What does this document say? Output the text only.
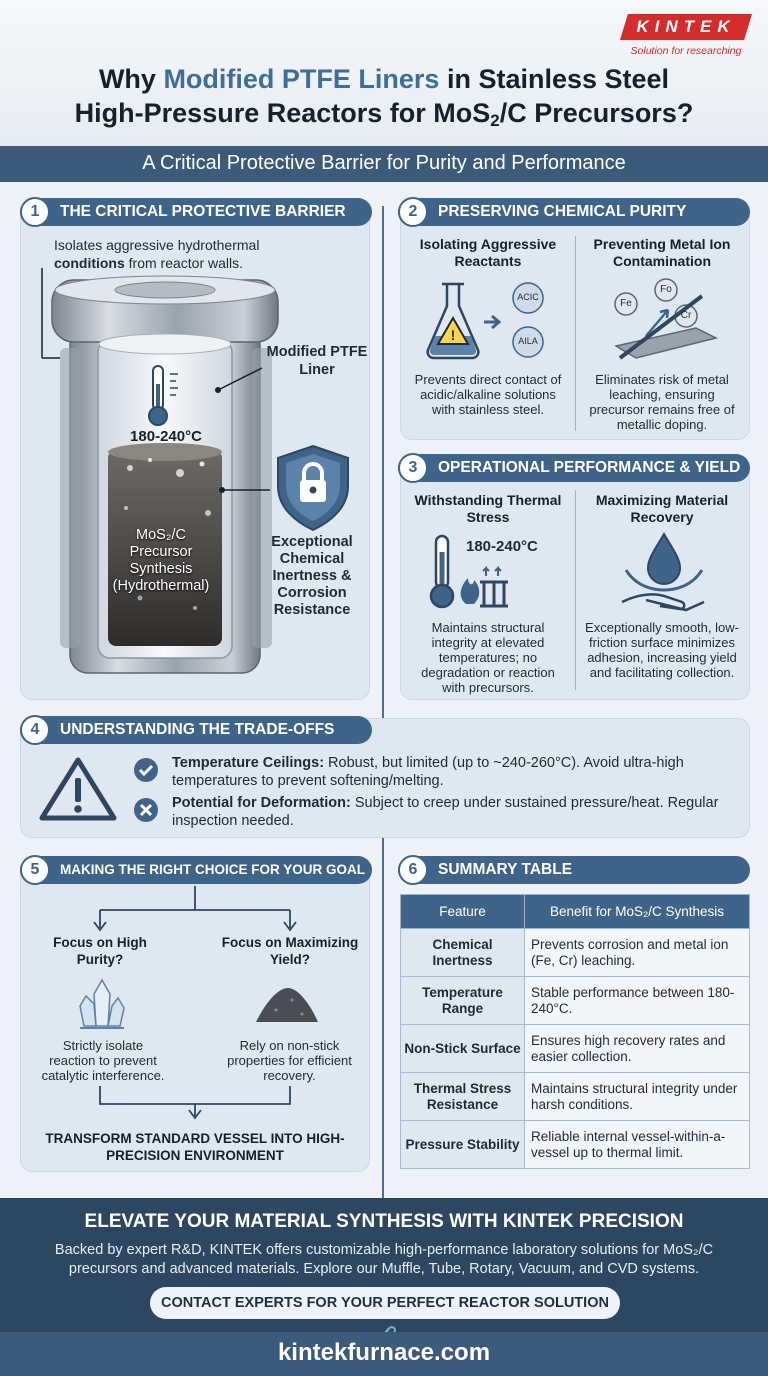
KINTEK
Solution for researching
Why Modified PTFE Liners in Stainless Steel
High-Pressure Reactors for MoS$_2$/C Precursors?
A Critical Protective Barrier for Purity and Performance
THE CRITICAL PROTECTIVE BARRIER
1
Isolates aggressive hydrothermal conditions from reactor walls.
Modified PTFE Liner
180-240°C
MoS₂/C
Precursor
Synthesis
(Hydrothermal)
Exceptional Chemical Inertness & Corrosion Resistance
PRESERVING CHEMICAL PURITY
2
Isolating Aggressive Reactants
Preventing Metal Ion Contamination
!
ACIC
AILA
Fe
Fo
Cr
Prevents direct contact of acidic/alkaline solutions with stainless steel.
Eliminates risk of metal leaching, ensuring precursor remains free of metallic doping.
OPERATIONAL PERFORMANCE & YIELD
3
Withstanding Thermal Stress
Maximizing Material Recovery
180-240°C
Maintains structural integrity at elevated temperatures; no degradation or reaction with precursors.
Exceptionally smooth, low-friction surface minimizes adhesion, increasing yield and facilitating collection.
UNDERSTANDING THE TRADE-OFFS
4
Temperature Ceilings: Robust, but limited (up to ~240-260°C). Avoid ultra-high temperatures to prevent softening/melting.
Potential for Deformation: Subject to creep under sustained pressure/heat. Regular inspection needed.
MAKING THE RIGHT CHOICE FOR YOUR GOAL
5
Focus on High Purity?
Focus on Maximizing Yield?
Strictly isolate reaction to prevent catalytic interference.
Rely on non-stick properties for efficient recovery.
TRANSFORM STANDARD VESSEL INTO HIGH-PRECISION ENVIRONMENT
SUMMARY TABLE
6
Feature	Benefit for MoS₂/C Synthesis
Chemical Inertness	Prevents corrosion and metal ion (Fe, Cr) leaching.
Temperature Range	Stable performance between 180-240°C.
Non-Stick Surface	Ensures high recovery rates and easier collection.
Thermal Stress Resistance	Maintains structural integrity under harsh conditions.
Pressure Stability	Reliable internal vessel-within-a-vessel up to thermal limit.
ELEVATE YOUR MATERIAL SYNTHESIS WITH KINTEK PRECISION
Backed by expert R&D, KINTEK offers customizable high-performance laboratory solutions for MoS₂/C precursors and advanced materials. Explore our Muffle, Tube, Rotary, Vacuum, and CVD systems.
CONTACT EXPERTS FOR YOUR PERFECT REACTOR SOLUTION
kintekfurnace.com
